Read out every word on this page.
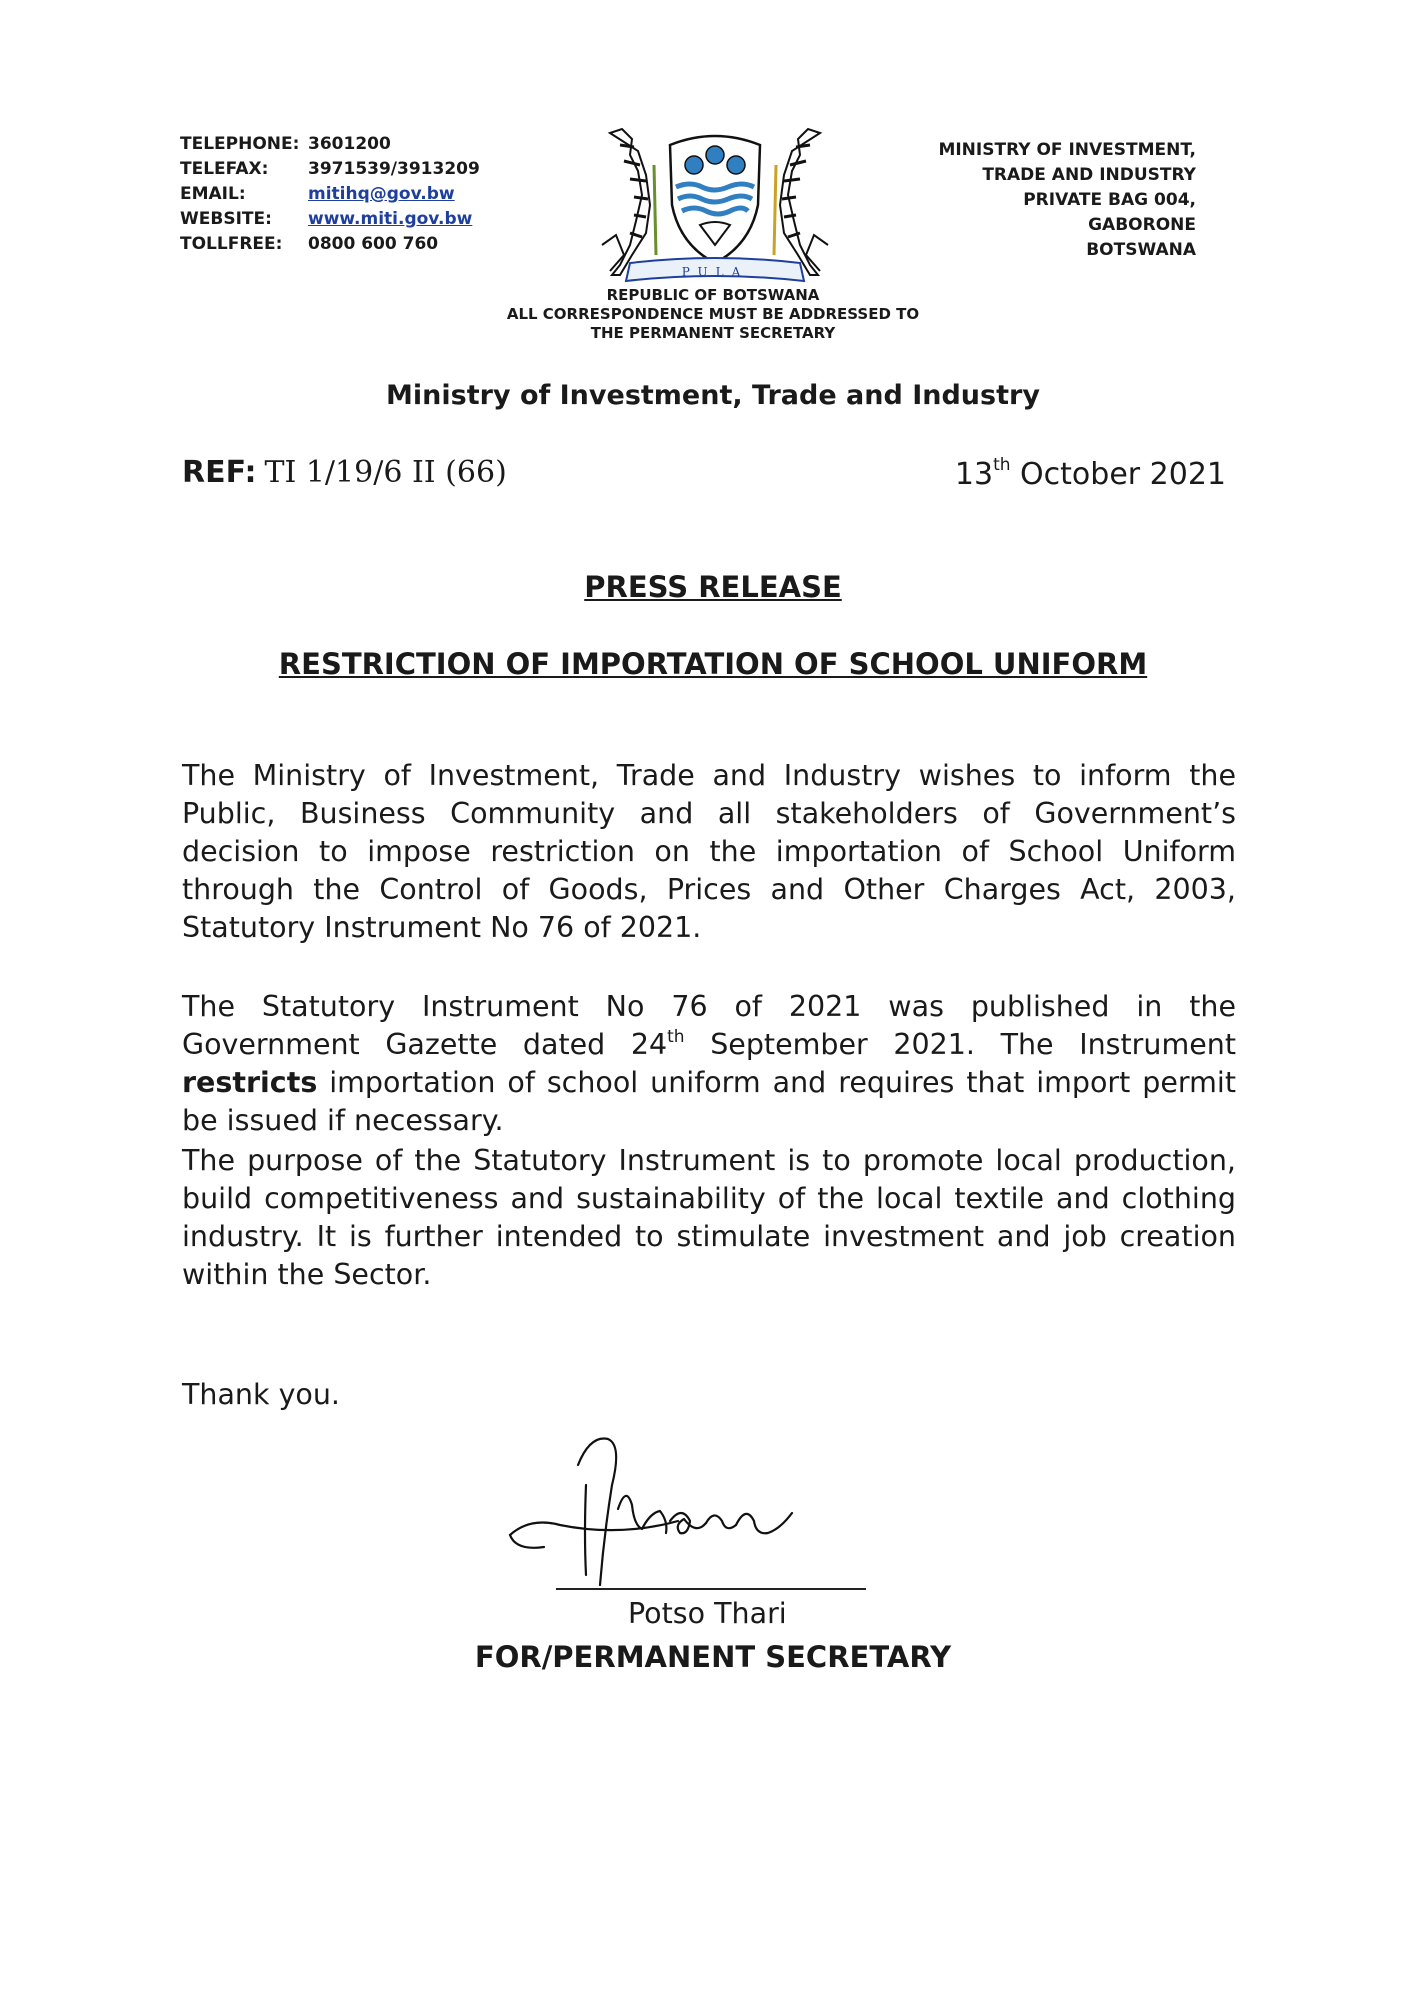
TELEPHONE: 3601200
TELEFAX:	3971539/3913209
EMAIL:	mitihq@gov.bw
WEBSITE:	www.miti.gov.bw
TOLLFREE:	0800 600 760
PULA
MINISTRY OF INVESTMENT,
TRADE AND INDUSTRY
PRIVATE BAG 004,
GABORONE
BOTSWANA
REPUBLIC OF BOTSWANA
ALL CORRESPONDENCE MUST BE ADDRESSED TO
THE PERMANENT SECRETARY
Ministry of Investment, Trade and Industry
REF: TI 1/19/6 II (66)	13th October 2021
PRESS RELEASE
RESTRICTION OF IMPORTATION OF SCHOOL UNIFORM
The Ministry of Investment, Trade and Industry wishes to inform the Public, Business Community and all stakeholders of Government’s decision to impose restriction on the importation of School Uniform through the Control of Goods, Prices and Other Charges Act, 2003, Statutory Instrument No 76 of 2021.
The Statutory Instrument No 76 of 2021 was published in the Government Gazette dated 24th September 2021. The Instrument restricts importation of school uniform and requires that import permit be issued if necessary.
The purpose of the Statutory Instrument is to promote local production, build competitiveness and sustainability of the local textile and clothing industry. It is further intended to stimulate investment and job creation within the Sector.
Thank you.
Potso Thari
FOR/PERMANENT SECRETARY
